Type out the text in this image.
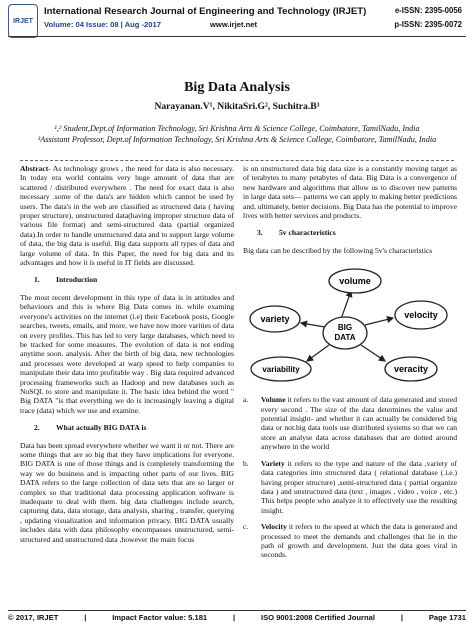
IRJET
International Research Journal of Engineering and Technology (IRJET)
Volume: 04 Issue: 08 | Aug -2017	www.irjet.net
e-ISSN: 2395-0056
p-ISSN: 2395-0072
Big Data Analysis
Narayanan.V¹, NikitaSri.G², Suchitra.B³
¹,² Student,Dept.of Information Technology, Sri Krishna Arts & Science College, Coimbatore, TamilNadu, India
³Assistant Professor, Dept.of Information Technology, Sri Krishna Arts & Science College, Coimbatore, TamilNadu, India

Abstract- As technology grows , the need for data is also necessary. In today era world contains very huge amount of data that are scattered / distributed everywhere . The need for exact data is also necessary .some of the data's are hidden which cannot be used by users. The data's in the web are classified as structured data ( having proper structure), unstructured data(having improper structure data of various file format) and semi-structured data (partial organized data).In order to handle unstructured data and to support large volume of data, the big data is useful. Big data supports all types of data and large volume of data. In this Paper, the need for big data and its advantages and how it is useful in IT fields are discussed.

1. Introduction

The most recent development in this type of data is in attitudes and behaviours and this is where Big Data comes in. while examing everyone's activities on the internet (i.e) their Facebook posts, Google searches, tweets, emails, and more, we have now more varities of data on every profiles. This has led to very large databases, which need to be tracked for some measures. The evolution of data is not ending anytime soon. analysis. After the birth of big data, new technologies and processes were developed at warp speed to help companies to manipulate their data into profitable way . Big data required advanced processing frameworks such as Hadoop and new databases such as NoSQL to store and manipulate it. The basic idea behind the word " Big DATA "is that everything we do is increasingly leaving a digital trace (data) which we use and examine.

2. What actually BIG DATA is

Data has been spread everywhere whether we want it or not. There are some things that are so big that they have implications for everyone. BIG DATA is one of those things and is completely transforming the way we do business and is impacting other parts of our lives. BIG DATA refers to the large collection of data sets that are so larger or complex so that traditional data processing application software is inadequate to deal with them. big data challenges include search, capturing data, data storage, data analysis, sharing , transfer, querying , updating visualization and information privacy. BIG DATA usually includes data with data philosophy encompasses unstructured, semi-structured and unstructured data ,however the main focus

is on unstructured data big data size is a constantly moving target as of terabytes to many petabytes of data. Big Data is a convergence of new hardware and algorithms that allow us to discover new patterns in large data sets— patterns we can apply to making better predictions and, ultimately, better decisions. Big Data has the potential to improve lives with better services and products.

3. 5v characteristics

Big data can be described by the following 5v's characteristics

BIG
DATA
volume
velocity
veracity
variability
variety
a.	Volume it refers to the vast amount of data generated and stored every second . The size of the data determines the value and potential insight- and whether it can actually be considered big data or not.big data tools use distributed systems so that we can store an analyse data across databases that are dotted around anywhere in the world
b.	Variety it refers to the type and nature of the data ,variety of data categories into structured data ( relational database (.i.e.) having proper structure) ,semi-structured data ( partial organize data ) and unstructured data (text , images , video , voice , etc.) This helps people who analyze it to effectively use the resulting insight.
c.	Velocity it refers to the speed at which the data is generated and processed to meet the demands and challenges that lie in the path of growth and development. Just the data goes viral in seconds.
© 2017, IRJET	|	Impact Factor value: 5.181	|	ISO 9001:2008 Certified Journal	|	Page 1731
